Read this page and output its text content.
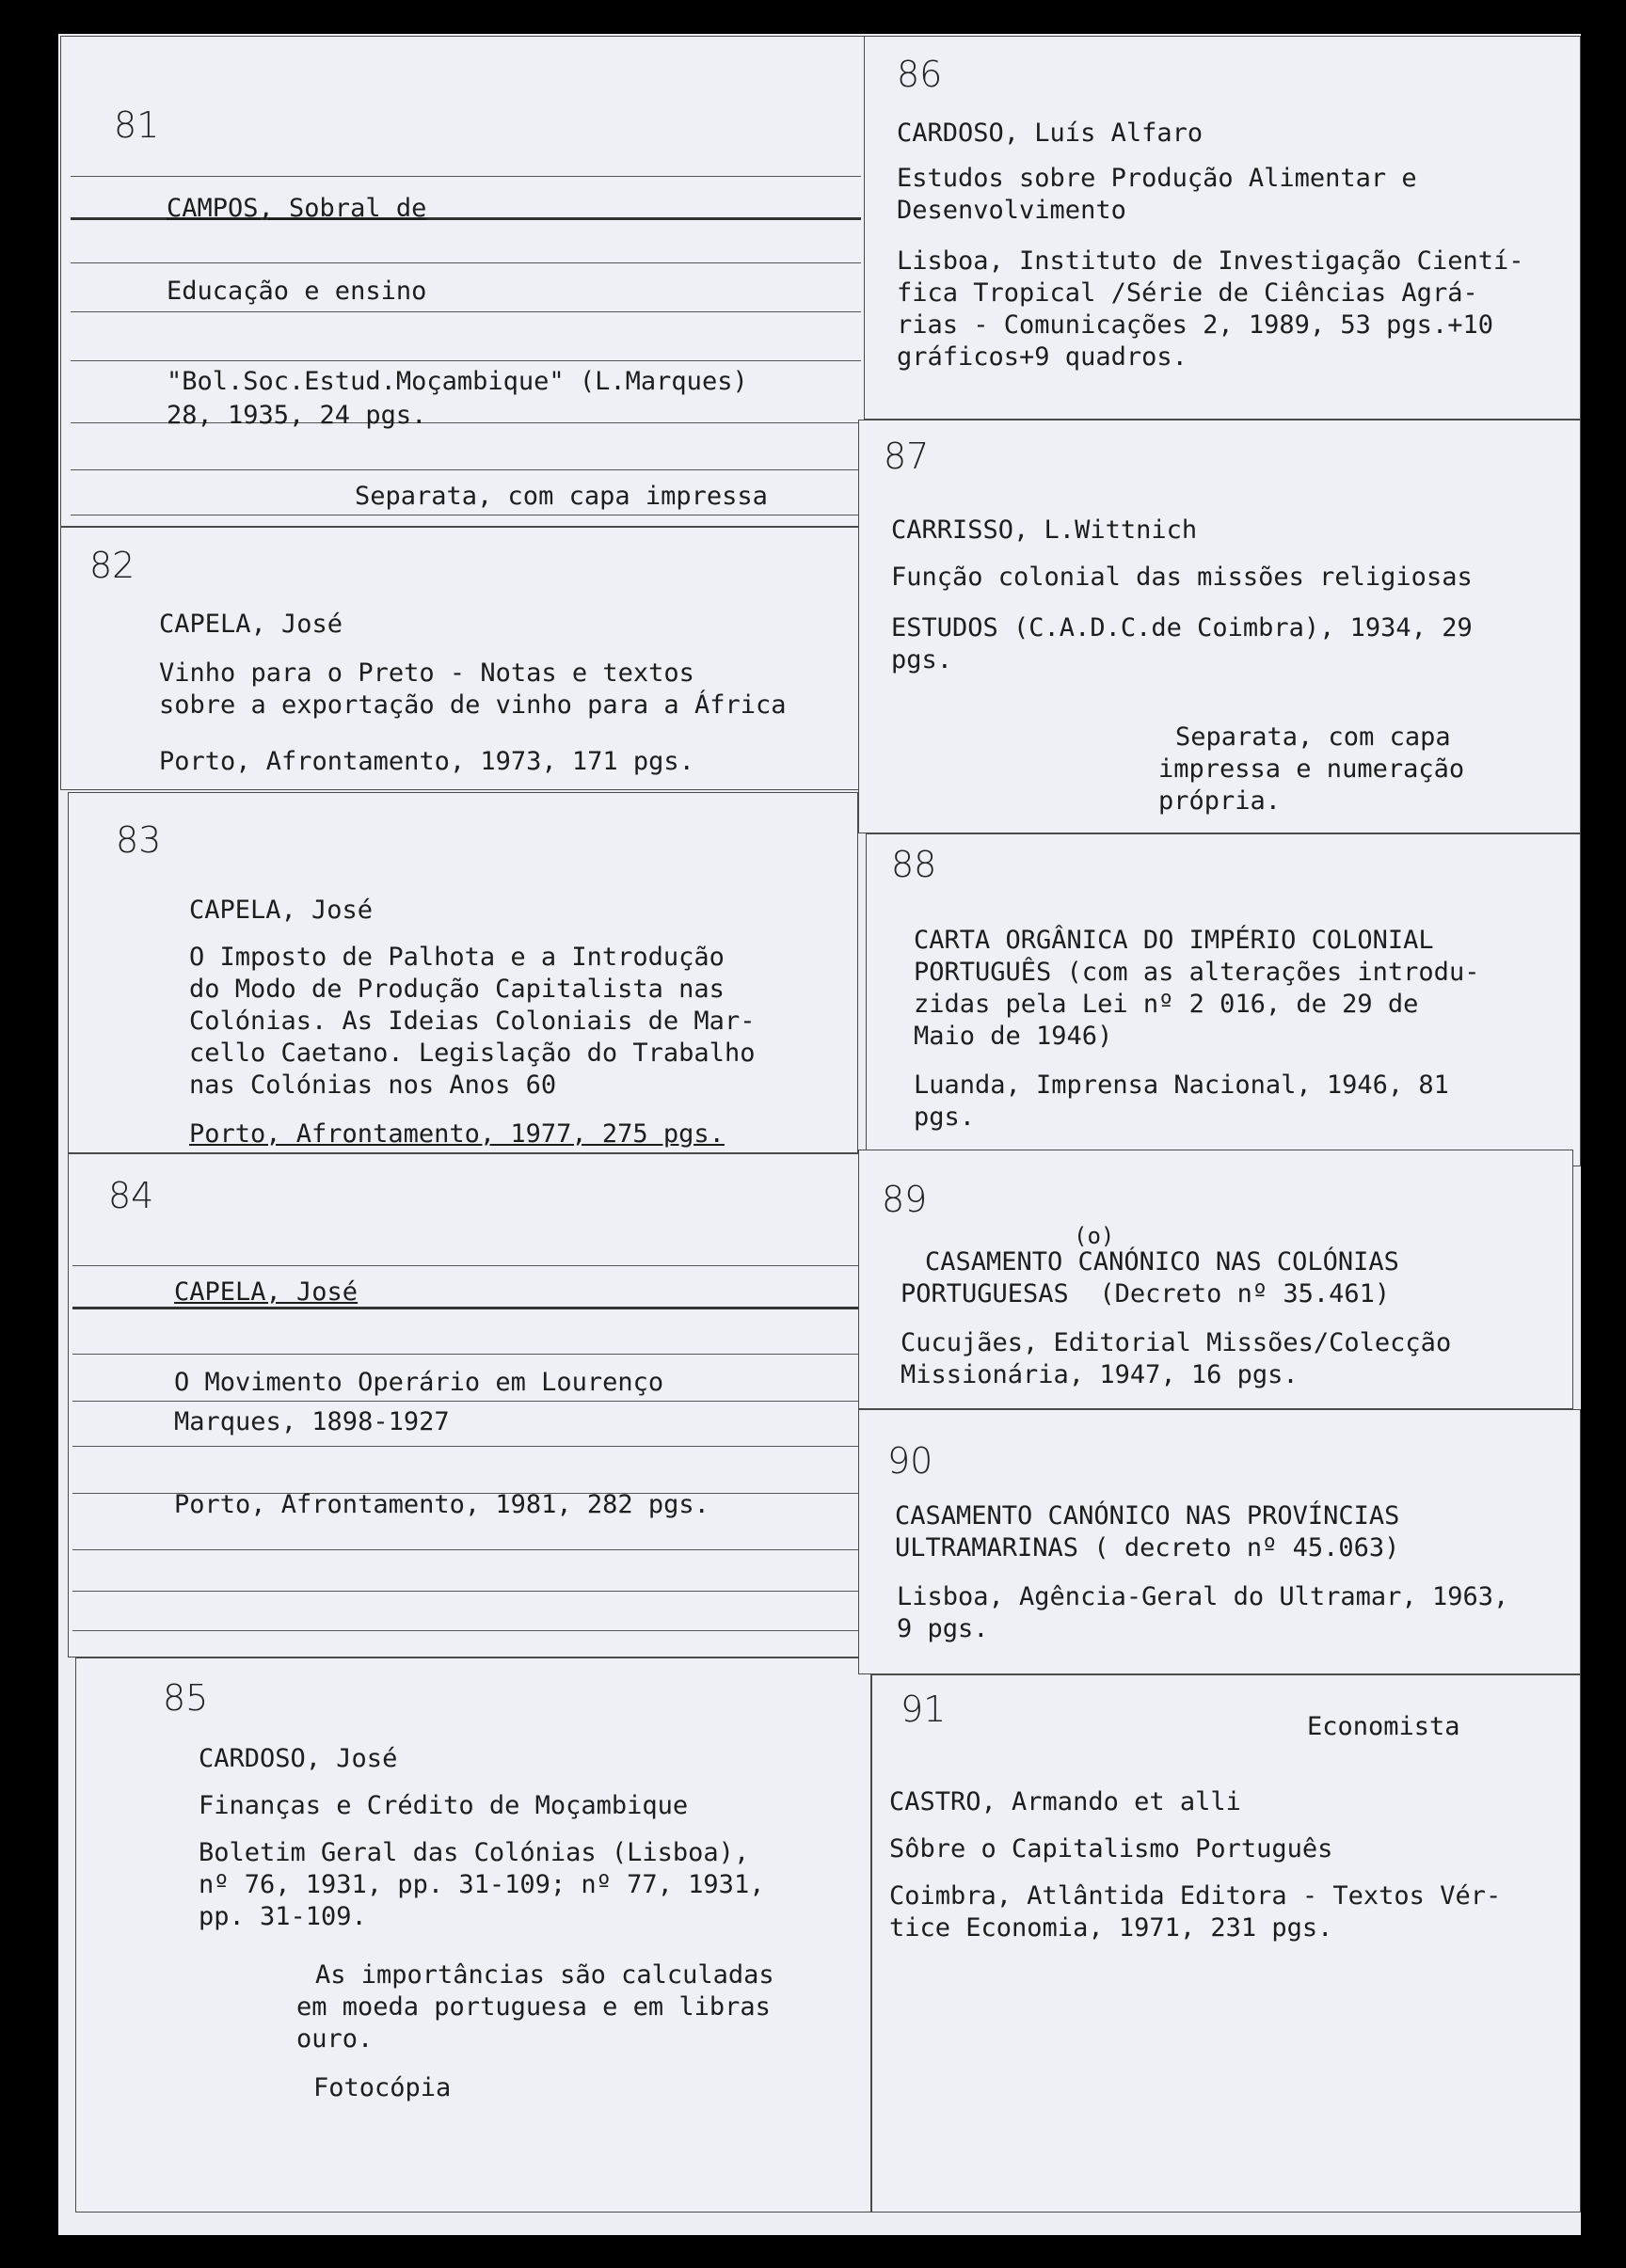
81
CAMPOS, Sobral de
Educação e ensino
"Bol.Soc.Estud.Moçambique" (L.Marques)
28, 1935, 24 pgs.
Separata, com capa impressa
82
CAPELA, José
Vinho para o Preto - Notas e textos
sobre a exportação de vinho para a África
Porto, Afrontamento, 1973, 171 pgs.
83
CAPELA, José
O Imposto de Palhota e a Introdução
do Modo de Produção Capitalista nas
Colónias. As Ideias Coloniais de Mar-
cello Caetano. Legislação do Trabalho
nas Colónias nos Anos 60
Porto, Afrontamento, 1977, 275 pgs.
84
CAPELA, José
O Movimento Operário em Lourenço
Marques, 1898-1927
Porto, Afrontamento, 1981, 282 pgs.
85
CARDOSO, José
Finanças e Crédito de Moçambique
Boletim Geral das Colónias (Lisboa),
nº 76, 1931, pp. 31-109; nº 77, 1931,
pp. 31-109.
As importâncias são calculadas
em moeda portuguesa e em libras
ouro.
Fotocópia
86
CARDOSO, Luís Alfaro
Estudos sobre Produção Alimentar e
Desenvolvimento
Lisboa, Instituto de Investigação Cientí-
fica Tropical /Série de Ciências Agrá-
rias - Comunicações 2, 1989, 53 pgs.+10
gráficos+9 quadros.
87
CARRISSO, L.Wittnich
Função colonial das missões religiosas
ESTUDOS (C.A.D.C.de Coimbra), 1934, 29
pgs.
Separata, com capa
impressa e numeração
própria.
88
CARTA ORGÂNICA DO IMPÉRIO COLONIAL
PORTUGUÊS (com as alterações introdu-
zidas pela Lei nº 2 016, de 29 de
Maio de 1946)
Luanda, Imprensa Nacional, 1946, 81
pgs.
89
(o)
CASAMENTO CANÓNICO NAS COLÓNIAS
PORTUGUESAS  (Decreto nº 35.461)
Cucujães, Editorial Missões/Colecção
Missionária, 1947, 16 pgs.
90
CASAMENTO CANÓNICO NAS PROVÍNCIAS
ULTRAMARINAS ( decreto nº 45.063)
Lisboa, Agência-Geral do Ultramar, 1963,
9 pgs.
91	Economista
CASTRO, Armando et alli
Sôbre o Capitalismo Português
Coimbra, Atlântida Editora - Textos Vér-
tice Economia, 1971, 231 pgs.
